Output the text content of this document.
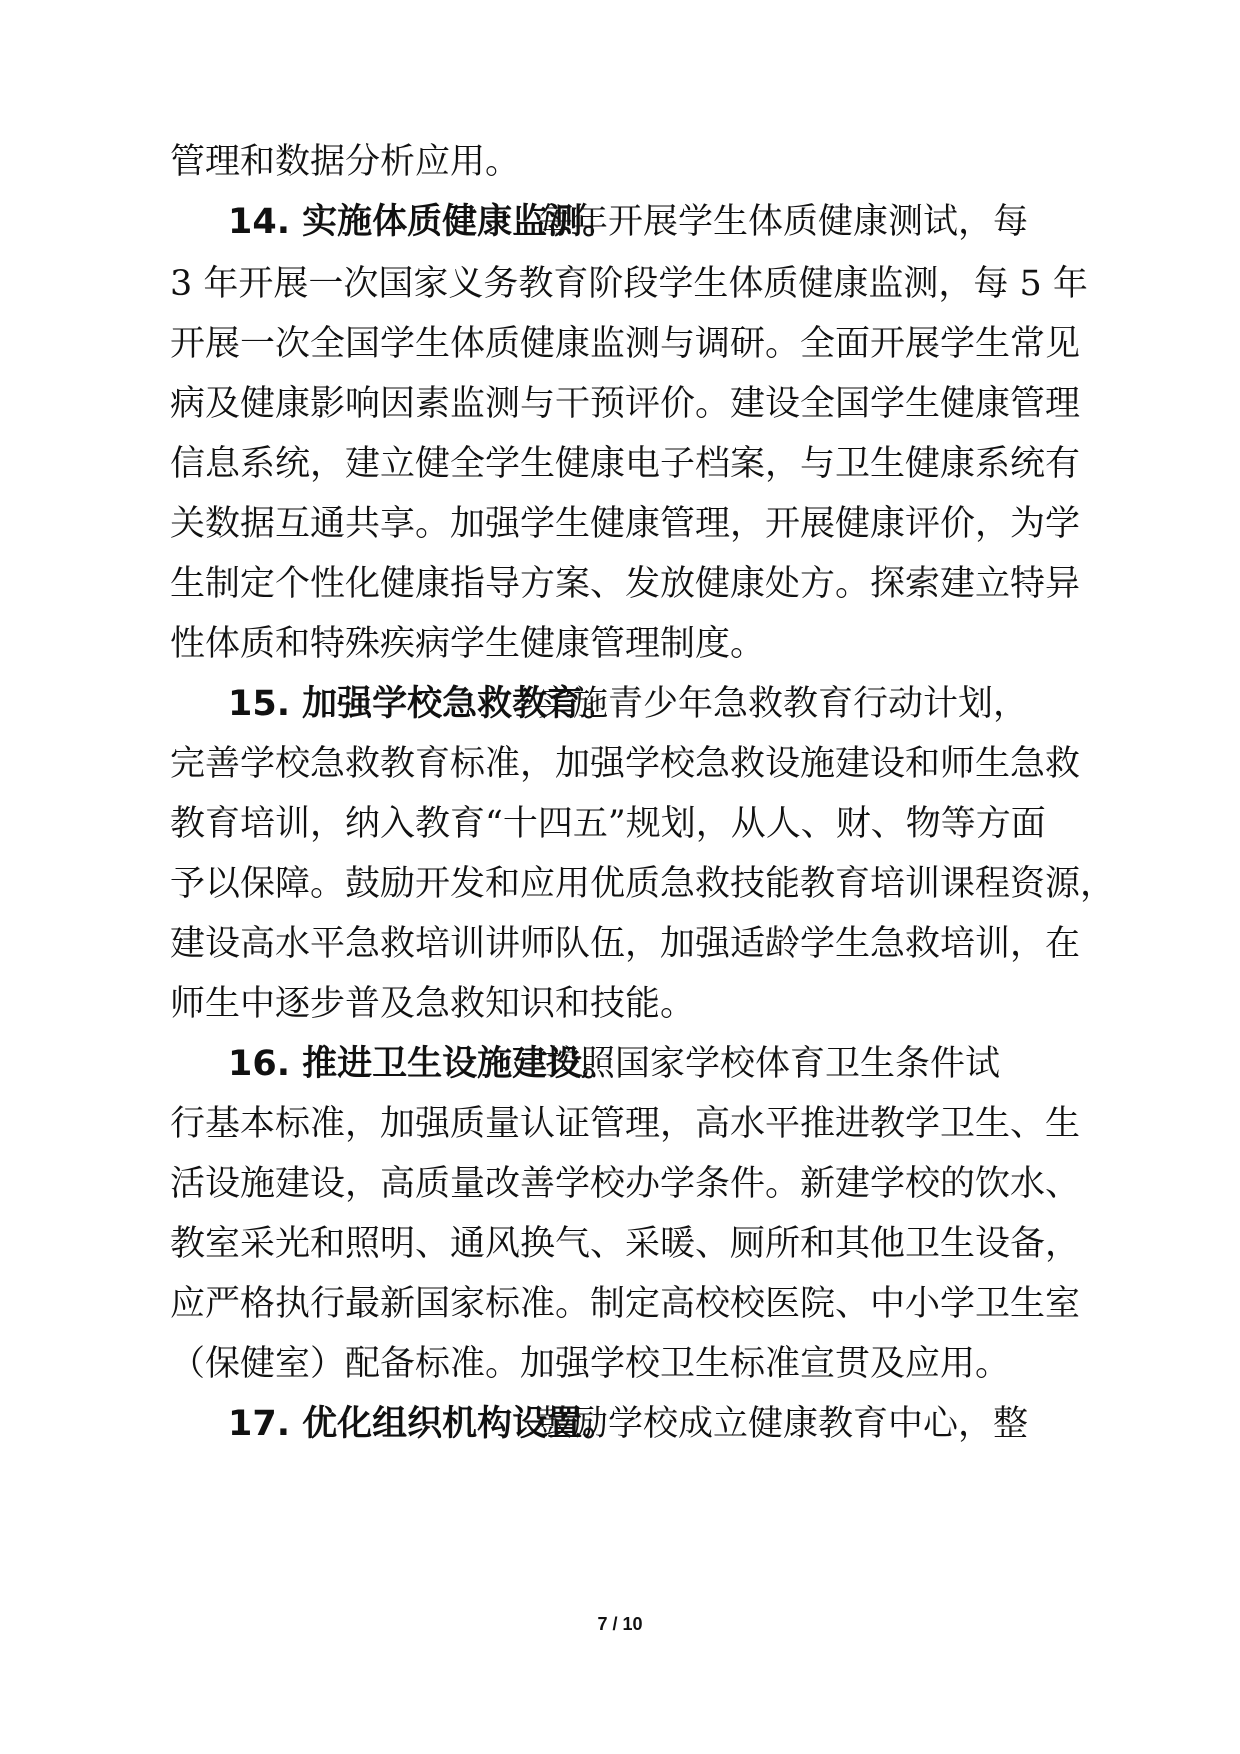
管理和数据分析应用。
14. 实施体质健康监测。
每年开展学生体质健康测试，每
3 年开展一次国家义务教育阶段学生体质健康监测，每 5 年
开展一次全国学生体质健康监测与调研。全面开展学生常见
病及健康影响因素监测与干预评价。建设全国学生健康管理
信息系统，建立健全学生健康电子档案，与卫生健康系统有
关数据互通共享。加强学生健康管理，开展健康评价，为学
生制定个性化健康指导方案、发放健康处方。探索建立特异
性体质和特殊疾病学生健康管理制度。
15. 加强学校急救教育。
实施青少年急救教育行动计划，
完善学校急救教育标准，加强学校急救设施建设和师生急救
教育培训，纳入教育“十四五”规划，从人、财、物等方面
予以保障。鼓励开发和应用优质急救技能教育培训课程资源，
建设高水平急救培训讲师队伍，加强适龄学生急救培训，在
师生中逐步普及急救知识和技能。
16. 推进卫生设施建设。
按照国家学校体育卫生条件试
行基本标准，加强质量认证管理，高水平推进教学卫生、生
活设施建设，高质量改善学校办学条件。新建学校的饮水、
教室采光和照明、通风换气、采暖、厕所和其他卫生设备，
应严格执行最新国家标准。制定高校校医院、中小学卫生室
（保健室）配备标准。加强学校卫生标准宣贯及应用。
17. 优化组织机构设置。
鼓励学校成立健康教育中心，整
7 / 10
